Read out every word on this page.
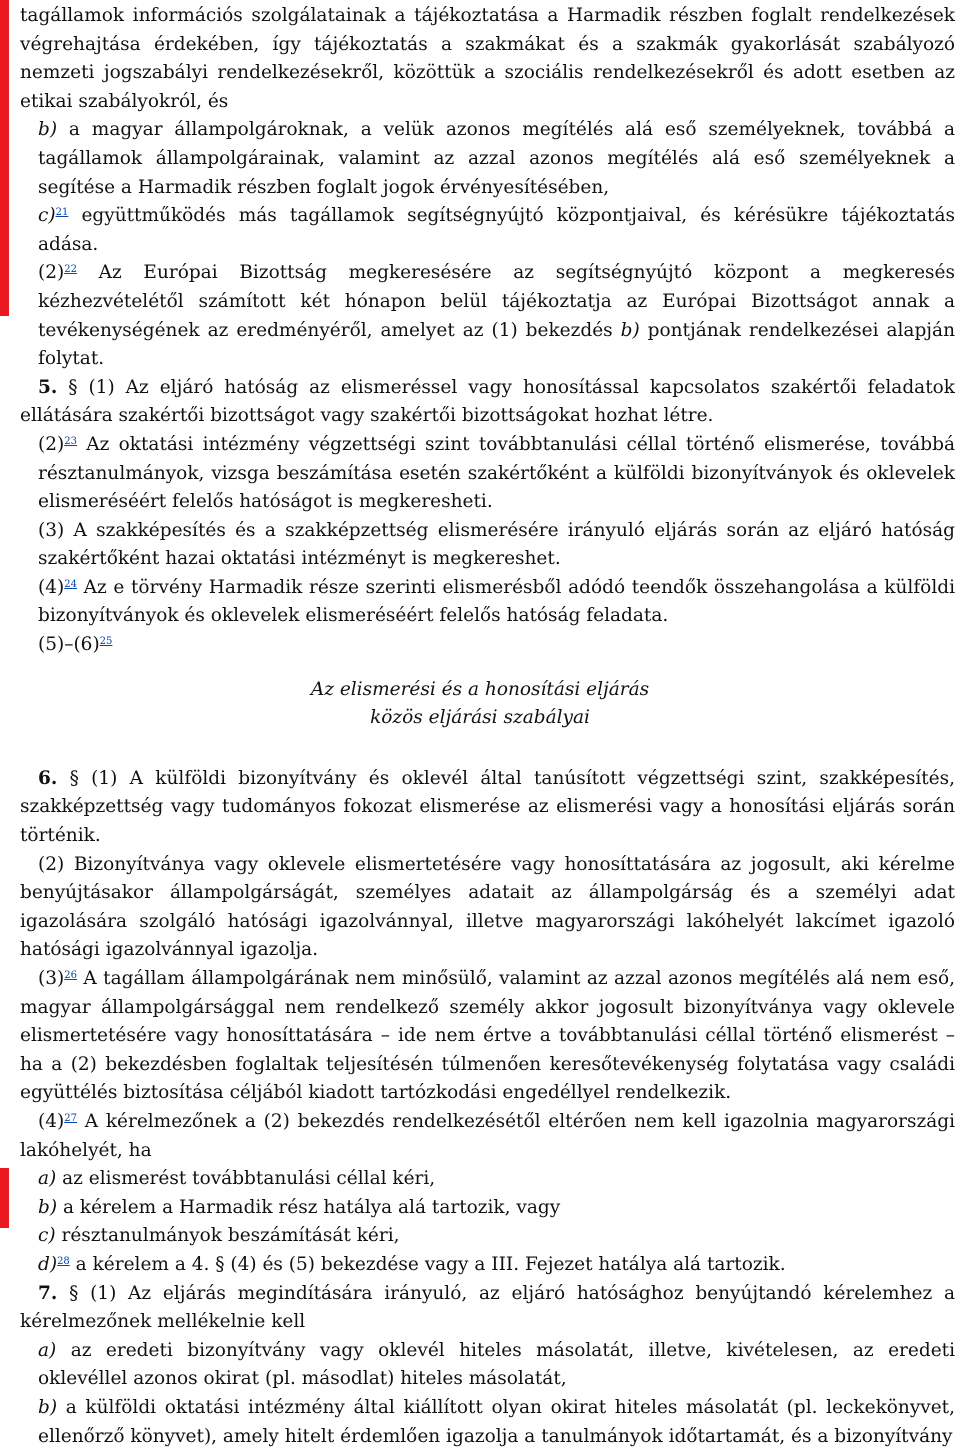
tagállamok információs szolgálatainak a tájékoztatása a Harmadik részben foglalt rendelkezések végrehajtása érdekében, így tájékoztatás a szakmákat és a szakmák gyakorlását szabályozó nemzeti jogszabályi rendelkezésekről, közöttük a szociális rendelkezésekről és adott esetben az etikai szabályokról, és

b) a magyar állampolgároknak, a velük azonos megítélés alá eső személyeknek, továbbá a tagállamok állampolgárainak, valamint az azzal azonos megítélés alá eső személyeknek a segítése a Harmadik részben foglalt jogok érvényesítésében,

c)$^{21}$ együttműködés más tagállamok segítségnyújtó központjaival, és kérésükre tájékoztatás adása.

(2)$^{22}$ Az Európai Bizottság megkeresésére az segítségnyújtó központ a megkeresés kézhezvételétől számított két hónapon belül tájékoztatja az Európai Bizottságot annak a tevékenységének az eredményéről, amelyet az (1) bekezdés b) pontjának rendelkezései alapján folytat.

5. § (1) Az eljáró hatóság az elismeréssel vagy honosítással kapcsolatos szakértői feladatok ellátására szakértői bizottságot vagy szakértői bizottságokat hozhat létre.

(2)$^{23}$ Az oktatási intézmény végzettségi szint továbbtanulási céllal történő elismerése, továbbá résztanulmányok, vizsga beszámítása esetén szakértőként a külföldi bizonyítványok és oklevelek elismeréséért felelős hatóságot is megkeresheti.

(3) A szakképesítés és a szakképzettség elismerésére irányuló eljárás során az eljáró hatóság szakértőként hazai oktatási intézményt is megkereshet.

(4)$^{24}$ Az e törvény Harmadik része szerinti elismerésből adódó teendők összehangolása a külföldi bizonyítványok és oklevelek elismeréséért felelős hatóság feladata.

(5)–(6)$^{25}$

Az elismerési és a honosítási eljárás

közös eljárási szabályai

6. § (1) A külföldi bizonyítvány és oklevél által tanúsított végzettségi szint, szakképesítés, szakképzettség vagy tudományos fokozat elismerése az elismerési vagy a honosítási eljárás során történik.

(2) Bizonyítványa vagy oklevele elismertetésére vagy honosíttatására az jogosult, aki kérelme benyújtásakor állampolgárságát, személyes adatait az állampolgárság és a személyi adat igazolására szolgáló hatósági igazolvánnyal, illetve magyarországi lakóhelyét lakcímet igazoló hatósági igazolvánnyal igazolja.

(3)$^{26}$ A tagállam állampolgárának nem minősülő, valamint az azzal azonos megítélés alá nem eső, magyar állampolgársággal nem rendelkező személy akkor jogosult bizonyítványa vagy oklevele elismertetésére vagy honosíttatására – ide nem értve a továbbtanulási céllal történő elismerést – ha a (2) bekezdésben foglaltak teljesítésén túlmenően keresőtevékenység folytatása vagy családi együttélés biztosítása céljából kiadott tartózkodási engedéllyel rendelkezik.

(4)$^{27}$ A kérelmezőnek a (2) bekezdés rendelkezésétől eltérően nem kell igazolnia magyarországi lakóhelyét, ha

a) az elismerést továbbtanulási céllal kéri,

b) a kérelem a Harmadik rész hatálya alá tartozik, vagy

c) résztanulmányok beszámítását kéri,

d)$^{28}$ a kérelem a 4. § (4) és (5) bekezdése vagy a III. Fejezet hatálya alá tartozik.

7. § (1) Az eljárás megindítására irányuló, az eljáró hatósághoz benyújtandó kérelemhez a kérelmezőnek mellékelnie kell

a) az eredeti bizonyítvány vagy oklevél hiteles másolatát, illetve, kivételesen, az eredeti oklevéllel azonos okirat (pl. másodlat) hiteles másolatát,

b) a külföldi oktatási intézmény által kiállított olyan okirat hiteles másolatát (pl. leckekönyvet, ellenőrző könyvet), amely hitelt érdemlően igazolja a tanulmányok időtartamát, és a bizonyítvány
